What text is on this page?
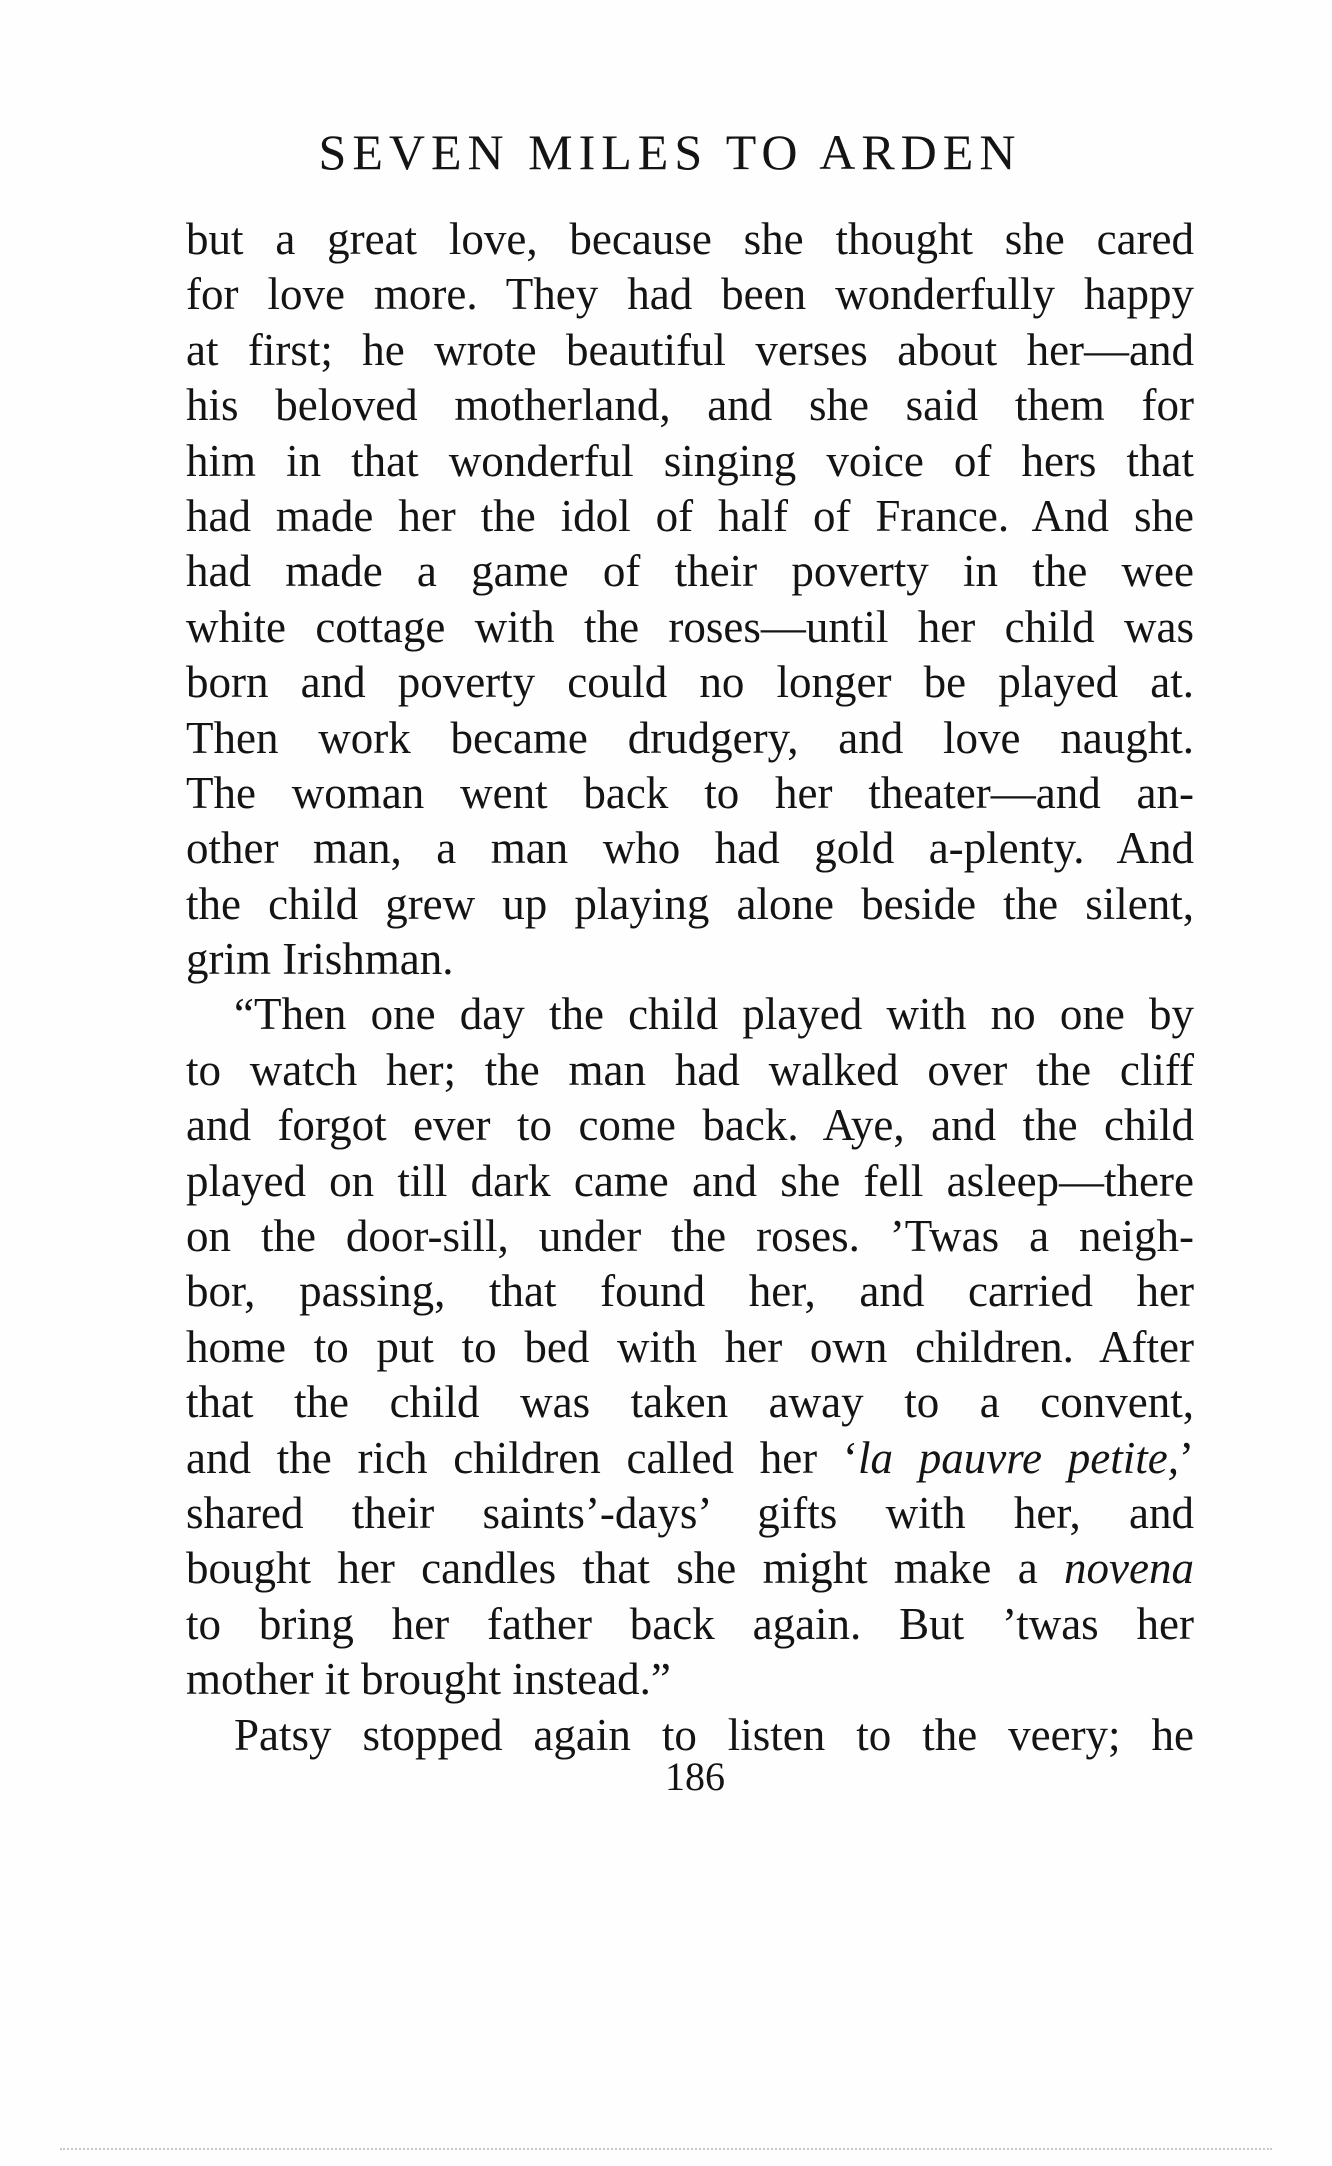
SEVEN MILES TO ARDEN
but a great love, because she thought she cared
for love more. They had been wonderfully happy
at first; he wrote beautiful verses about her—and
his beloved motherland, and she said them for
him in that wonderful singing voice of hers that
had made her the idol of half of France. And she
had made a game of their poverty in the wee
white cottage with the roses—until her child was
born and poverty could no longer be played at.
Then work became drudgery, and love naught.
The woman went back to her theater—and an-
other man, a man who had gold a-plenty. And
the child grew up playing alone beside the silent,
grim Irishman.
“Then one day the child played with no one by
to watch her; the man had walked over the cliff
and forgot ever to come back. Aye, and the child
played on till dark came and she fell asleep—there
on the door-sill, under the roses. ’Twas a neigh-
bor, passing, that found her, and carried her
home to put to bed with her own children. After
that the child was taken away to a convent,
and the rich children called her ‘la pauvre petite,’
shared their saints’-days’ gifts with her, and
bought her candles that she might make a novena
to bring her father back again. But ’twas her
mother it brought instead.”
Patsy stopped again to listen to the veery; he
186
